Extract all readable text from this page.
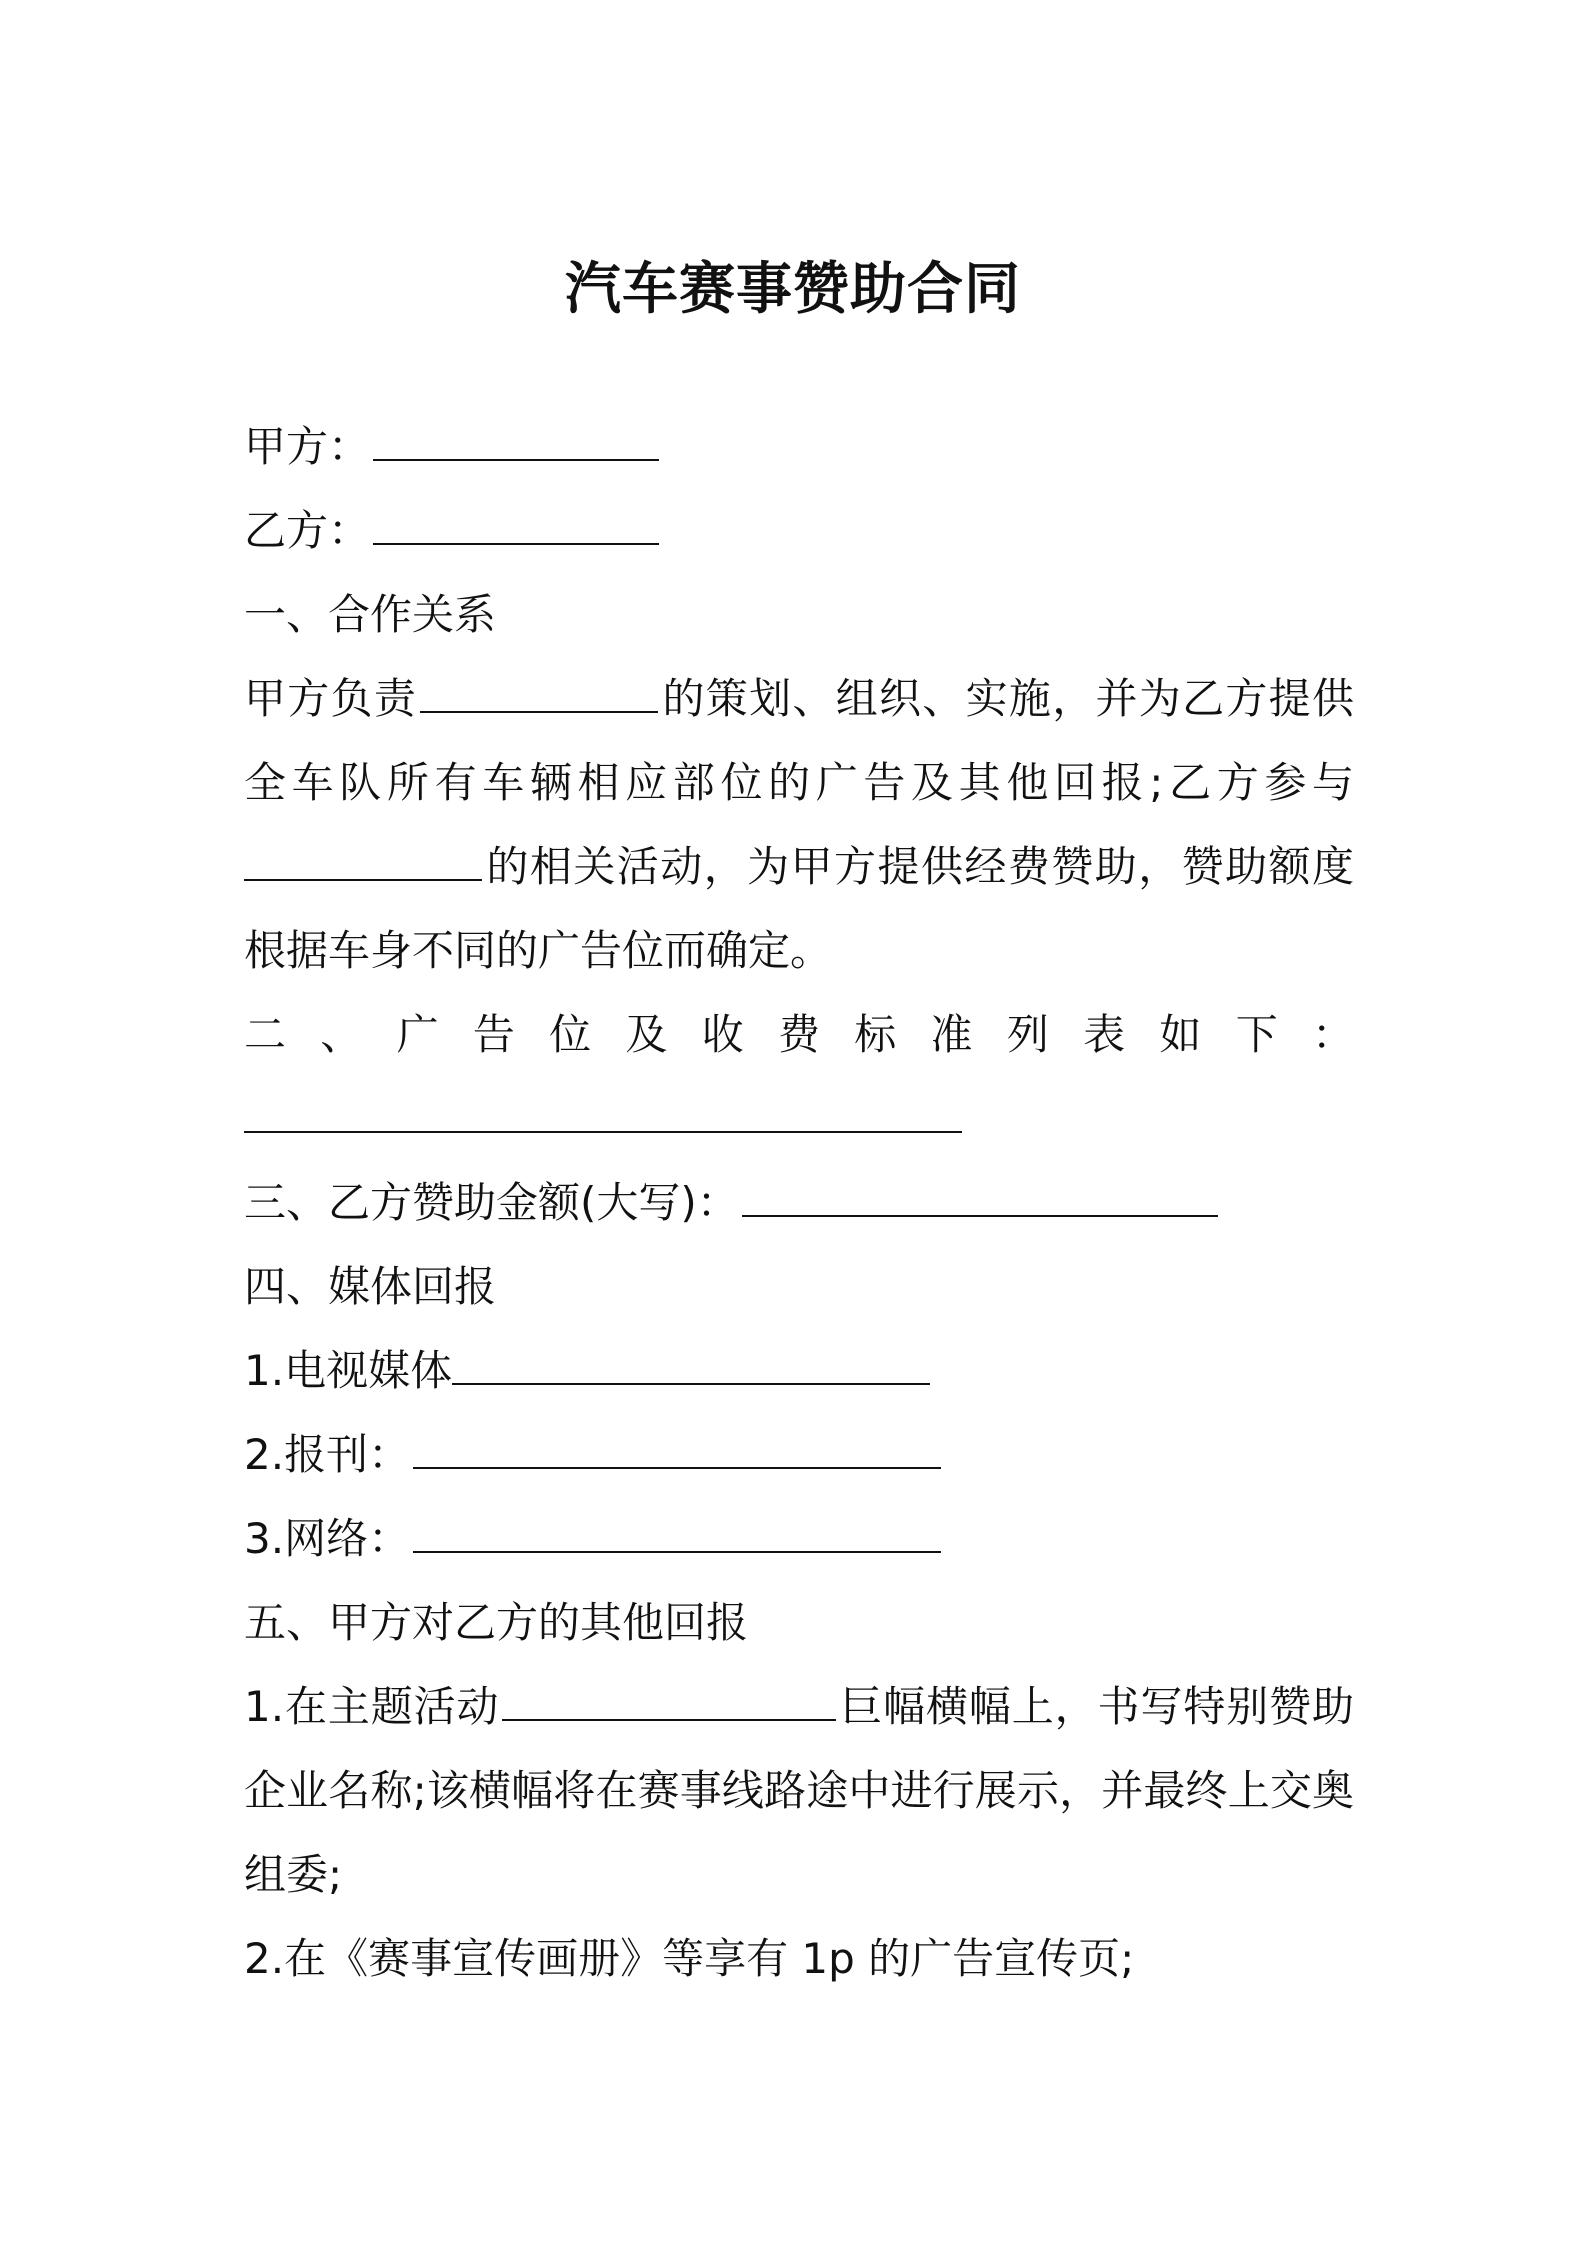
汽车赛事赞助合同

甲方：

乙方：

一、合作关系

甲方负责	的策划、组织、实施，并为乙方提供全车队所有车辆相应部位的广告及其他回报;乙方参与的相关活动，为甲方提供经费赞助，赞助额度根据车身不同的广告位而确定。

二、广告位及收费标准列表如下：

三、乙方赞助金额(大写)：

四、媒体回报

1.电视媒体

2.报刊：

3.网络：

五、甲方对乙方的其他回报

1.在主题活动	巨幅横幅上，书写特别赞助企业名称;该横幅将在赛事线路途中进行展示，并最终上交奥组委;

2.在《赛事宣传画册》等享有 1p 的广告宣传页;
